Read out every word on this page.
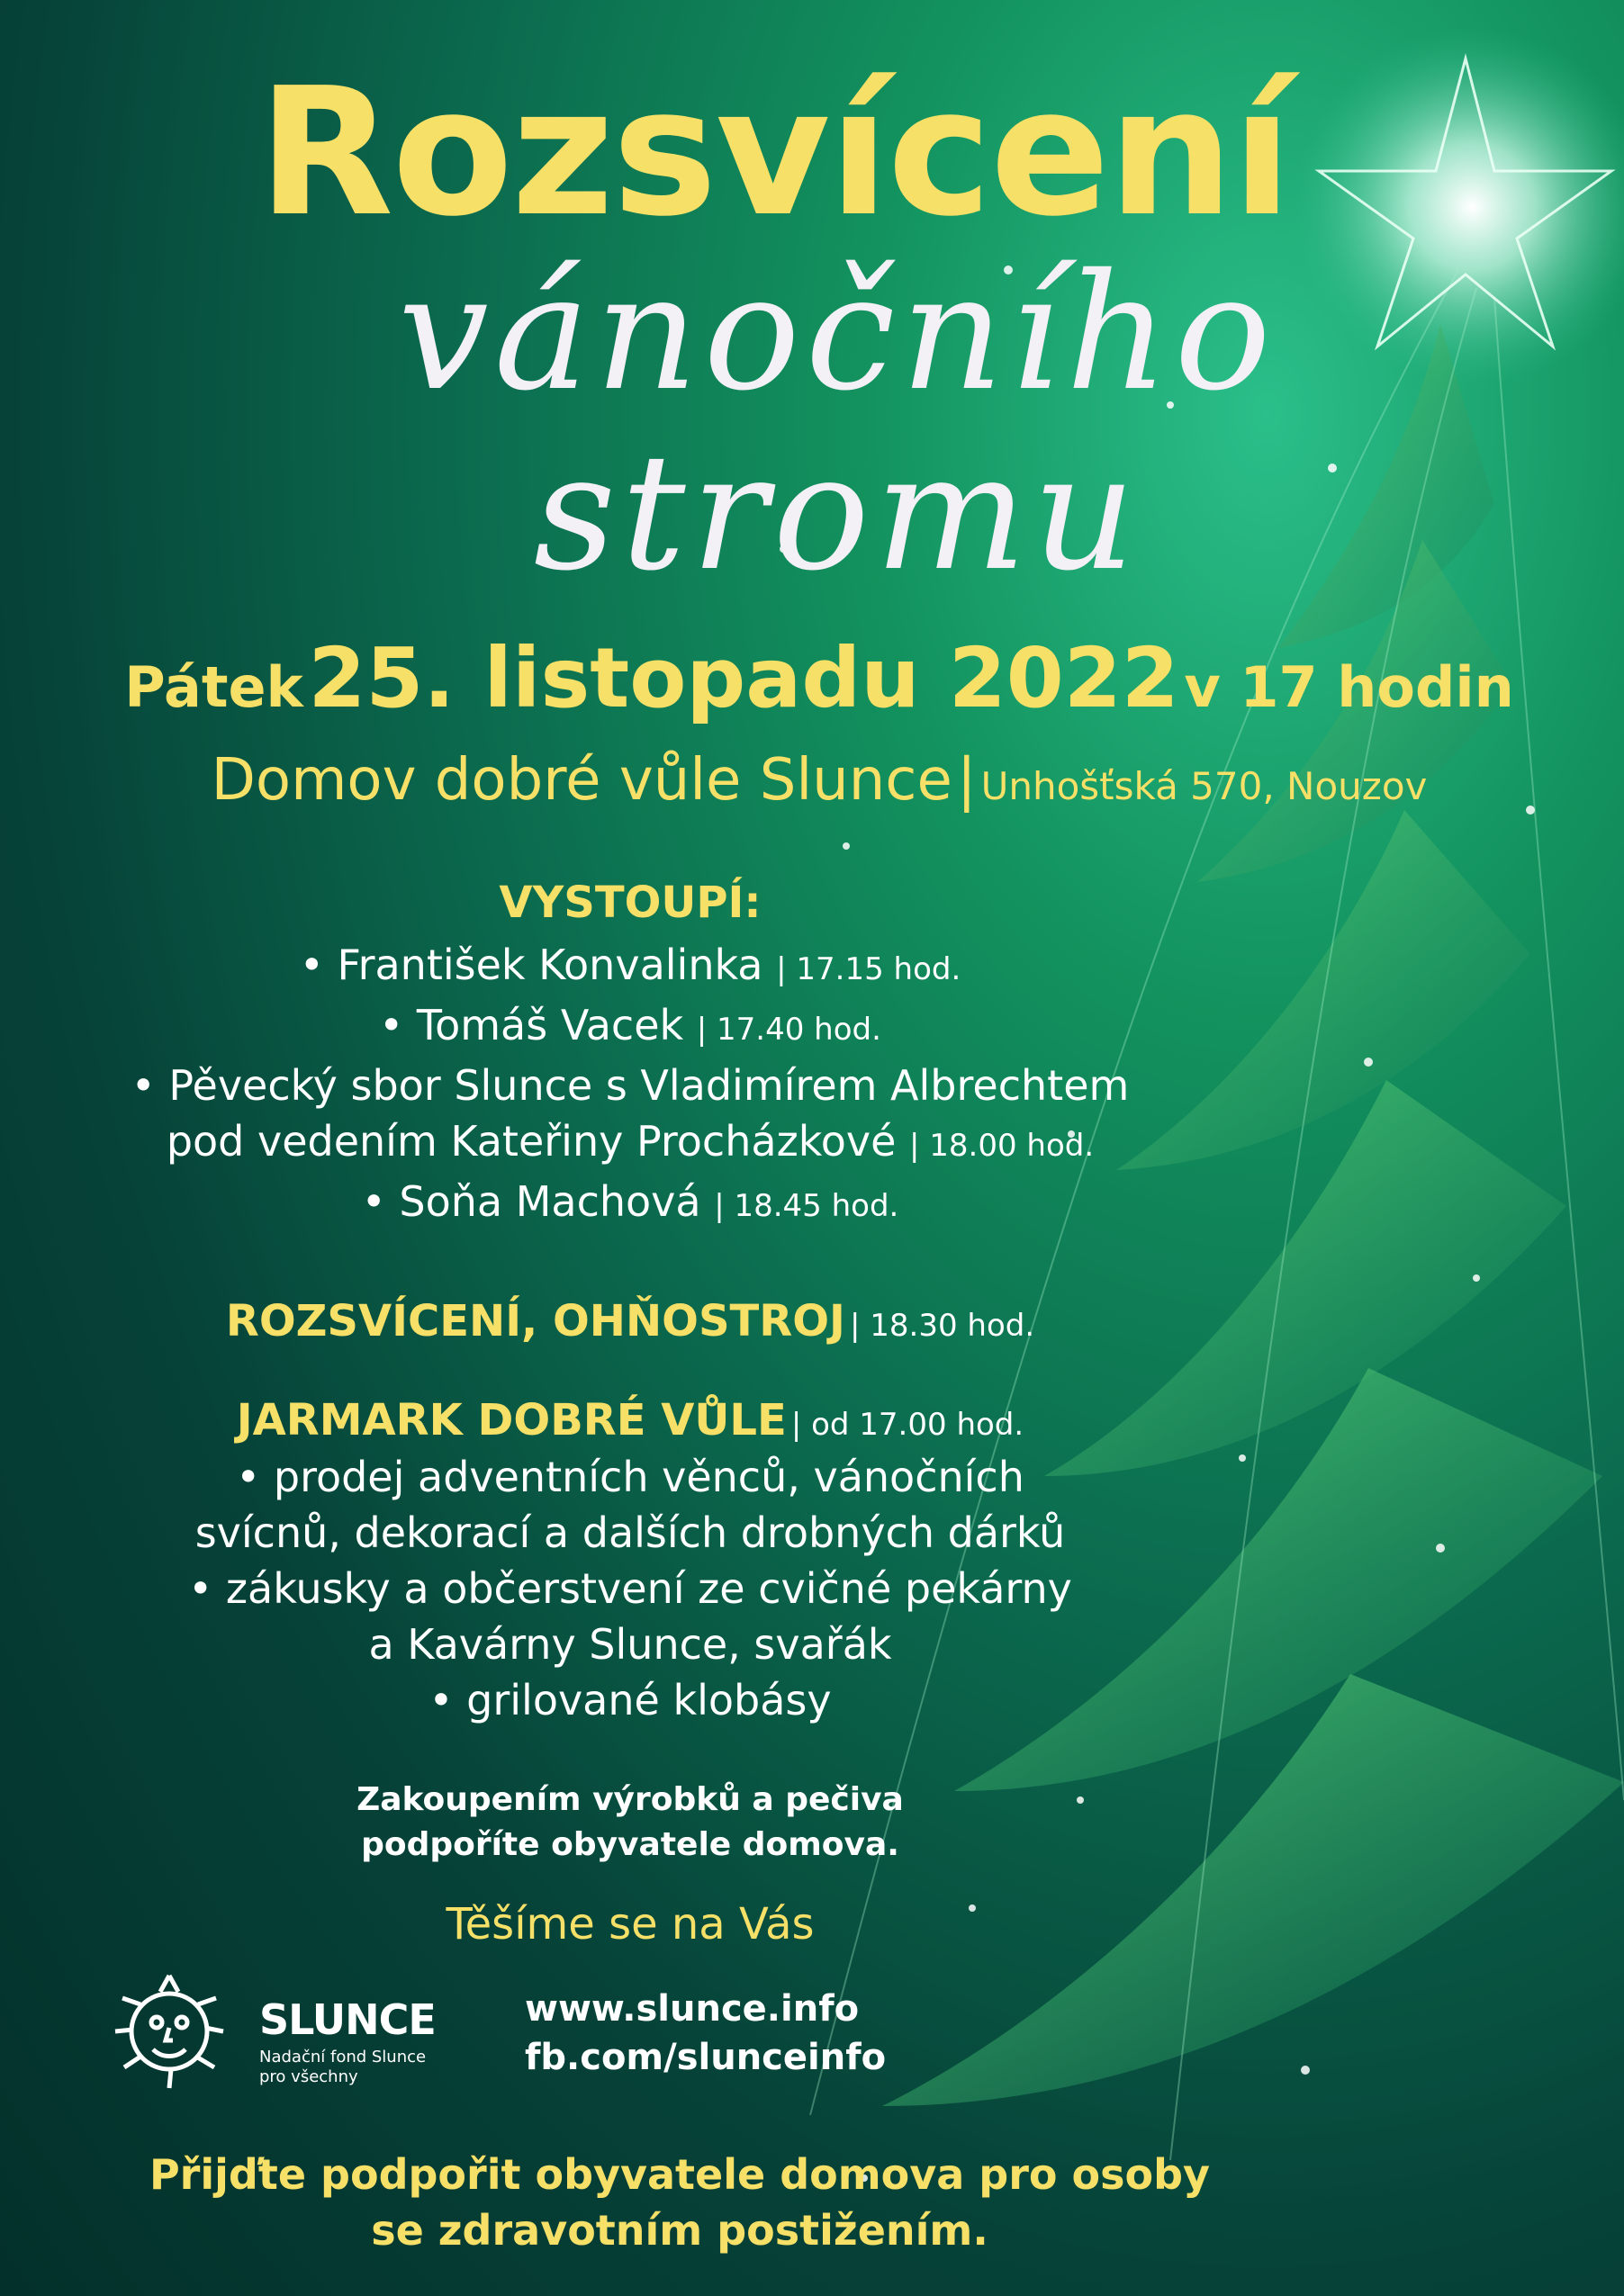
Rozsvícení
vánočního stromu
Pátek 25. listopadu 2022 v 17 hodin
Domov dobré vůle Slunce | Unhošťská 570, Nouzov
VYSTOUPÍ:
• František Konvalinka | 17.15 hod.
• Tomáš Vacek | 17.40 hod.
• Pěvecký sbor Slunce s Vladimírem Albrechtem
pod vedením Kateřiny Procházkové | 18.00 hod.
• Soňa Machová | 18.45 hod.
ROZSVÍCENÍ, OHŇOSTROJ | 18.30 hod.
JARMARK DOBRÉ VŮLE | od 17.00 hod.
• prodej adventních věnců, vánočních
svícnů, dekorací a dalších drobných dárků
• zákusky a občerstvení ze cvičné pekárny
a Kavárny Slunce, svařák
• grilované klobásy
Zakoupením výrobků a pečiva
podpoříte obyvatele domova.
Těšíme se na Vás
SLUNCE
Nadační fond Slunce
pro všechny
www.slunce.info
fb.com/slunceinfo
Přijďte podpořit obyvatele domova pro osoby
se zdravotním postižením.
